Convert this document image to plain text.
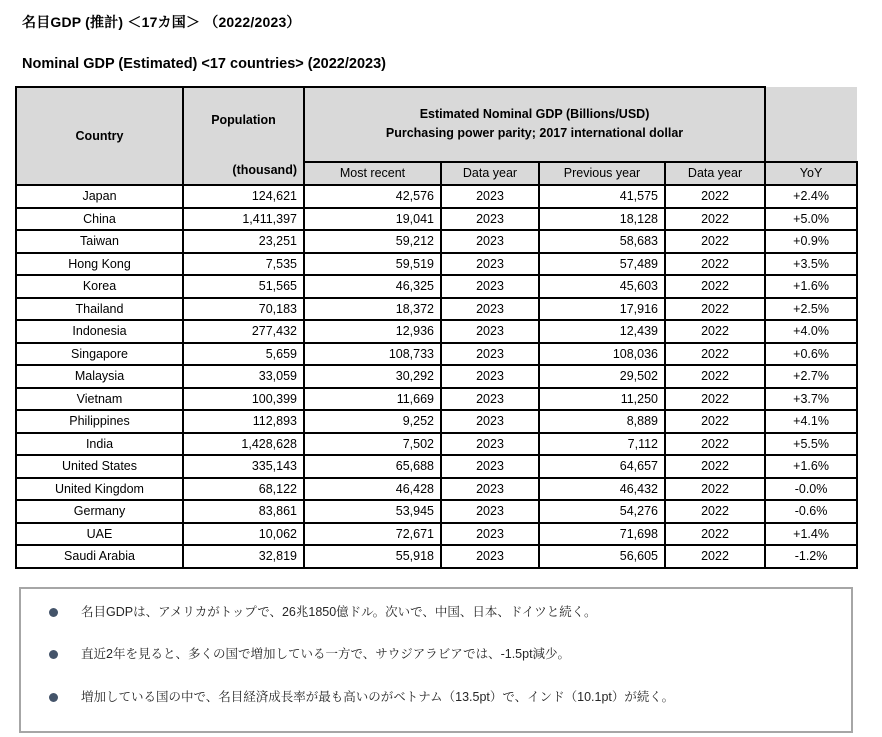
名目GDP (推計) ＜17カ国＞ （2022/2023）
Nominal GDP (Estimated) <17 countries> (2022/2023)
Country	
Population
(thousand)

Estimated Nominal GDP (Billions/USD)
Purchasing power parity; 2017 international dollar

		Most recent	Data year	Previous year	Data year	YoY
Japan	124,621	42,576	2023	41,575	2022	+2.4%
China	1,411,397	19,041	2023	18,128	2022	+5.0%
Taiwan	23,251	59,212	2023	58,683	2022	+0.9%
Hong Kong	7,535	59,519	2023	57,489	2022	+3.5%
Korea	51,565	46,325	2023	45,603	2022	+1.6%
Thailand	70,183	18,372	2023	17,916	2022	+2.5%
Indonesia	277,432	12,936	2023	12,439	2022	+4.0%
Singapore	5,659	108,733	2023	108,036	2022	+0.6%
Malaysia	33,059	30,292	2023	29,502	2022	+2.7%
Vietnam	100,399	11,669	2023	11,250	2022	+3.7%
Philippines	112,893	9,252	2023	8,889	2022	+4.1%
India	1,428,628	7,502	2023	7,112	2022	+5.5%
United States	335,143	65,688	2023	64,657	2022	+1.6%
United Kingdom	68,122	46,428	2023	46,432	2022	-0.0%
Germany	83,861	53,945	2023	54,276	2022	-0.6%
UAE	10,062	72,671	2023	71,698	2022	+1.4%
Saudi Arabia	32,819	55,918	2023	56,605	2022	-1.2%
名目GDPは、アメリカがトップで、26兆1850億ドル。次いで、中国、日本、ドイツと続く。
直近2年を見ると、多くの国で増加している一方で、サウジアラビアでは、-1.5pt減少。
増加している国の中で、名目経済成長率が最も高いのがベトナム（13.5pt）で、インド（10.1pt）が続く。
